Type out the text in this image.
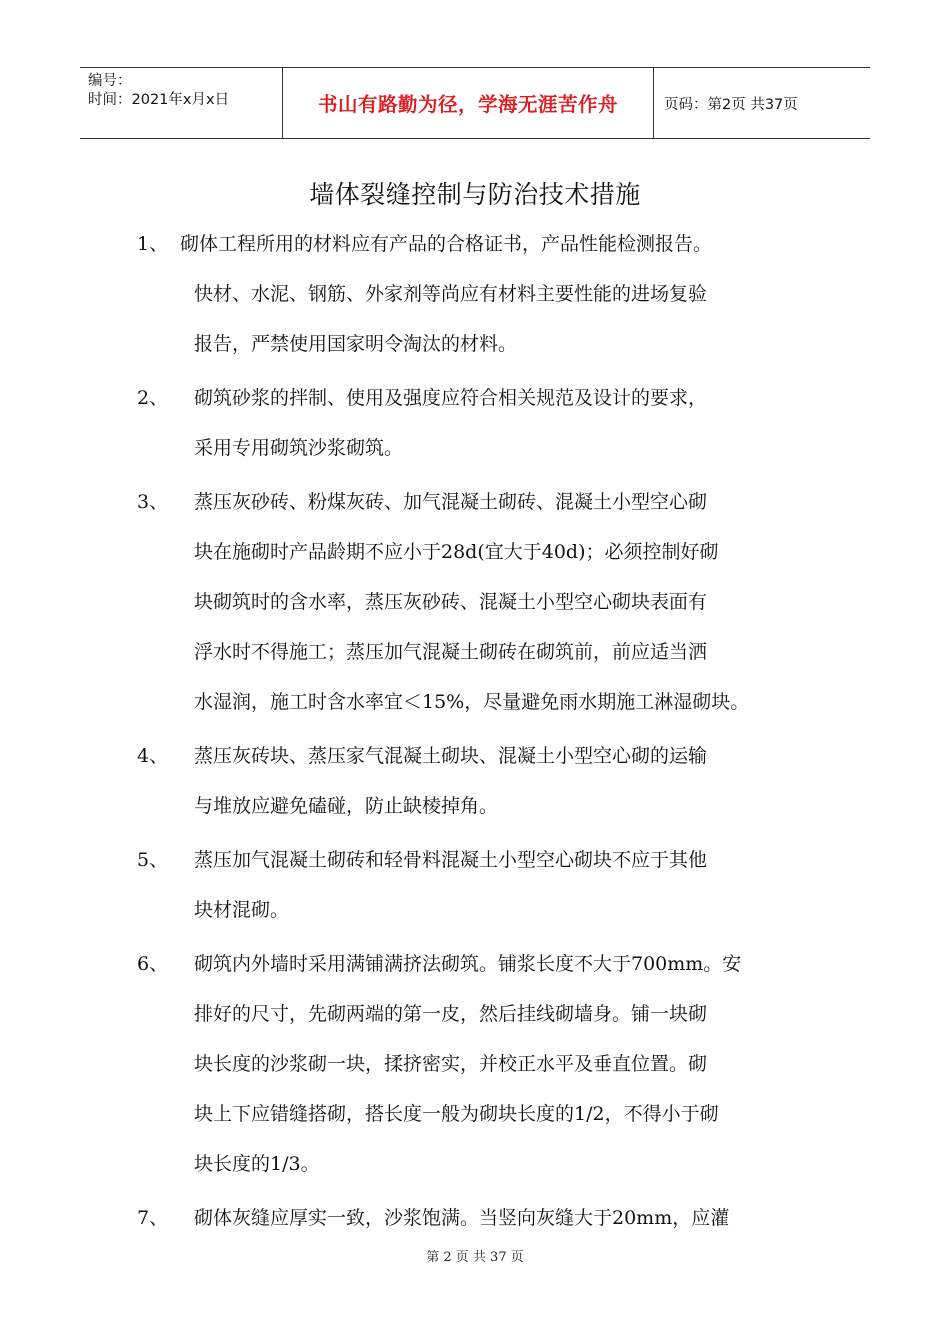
编号：
时间：2021年x月x日	书山有路勤为径，学海无涯苦作舟	页码：第2页 共37页
墙体裂缝控制与防治技术措施
1、 砌体工程所用的材料应有产品的合格证书，产品性能检测报告。
快材、水泥、钢筋、外家剂等尚应有材料主要性能的进场复验
报告，严禁使用国家明令淘汰的材料。
2、 砌筑砂浆的拌制、使用及强度应符合相关规范及设计的要求，
采用专用砌筑沙浆砌筑。
3、 蒸压灰砂砖、粉煤灰砖、加气混凝土砌砖、混凝土小型空心砌
块在施砌时产品龄期不应小于28d(宜大于40d)；必须控制好砌
块砌筑时的含水率，蒸压灰砂砖、混凝土小型空心砌块表面有
浮水时不得施工；蒸压加气混凝土砌砖在砌筑前，前应适当洒
水湿润，施工时含水率宜＜15%，尽量避免雨水期施工淋湿砌块。
4、 蒸压灰砖块、蒸压家气混凝土砌块、混凝土小型空心砌的运输
与堆放应避免磕碰，防止缺棱掉角。
5、 蒸压加气混凝土砌砖和轻骨料混凝土小型空心砌块不应于其他
块材混砌。
6、 砌筑内外墙时采用满铺满挤法砌筑。铺浆长度不大于700mm。安
排好的尺寸，先砌两端的第一皮，然后挂线砌墙身。铺一块砌
块长度的沙浆砌一块，揉挤密实，并校正水平及垂直位置。砌
块上下应错缝搭砌，搭长度一般为砌块长度的1/2，不得小于砌
块长度的1/3。
7、 砌体灰缝应厚实一致，沙浆饱满。当竖向灰缝大于20mm，应灌
第 2 页 共 37 页
